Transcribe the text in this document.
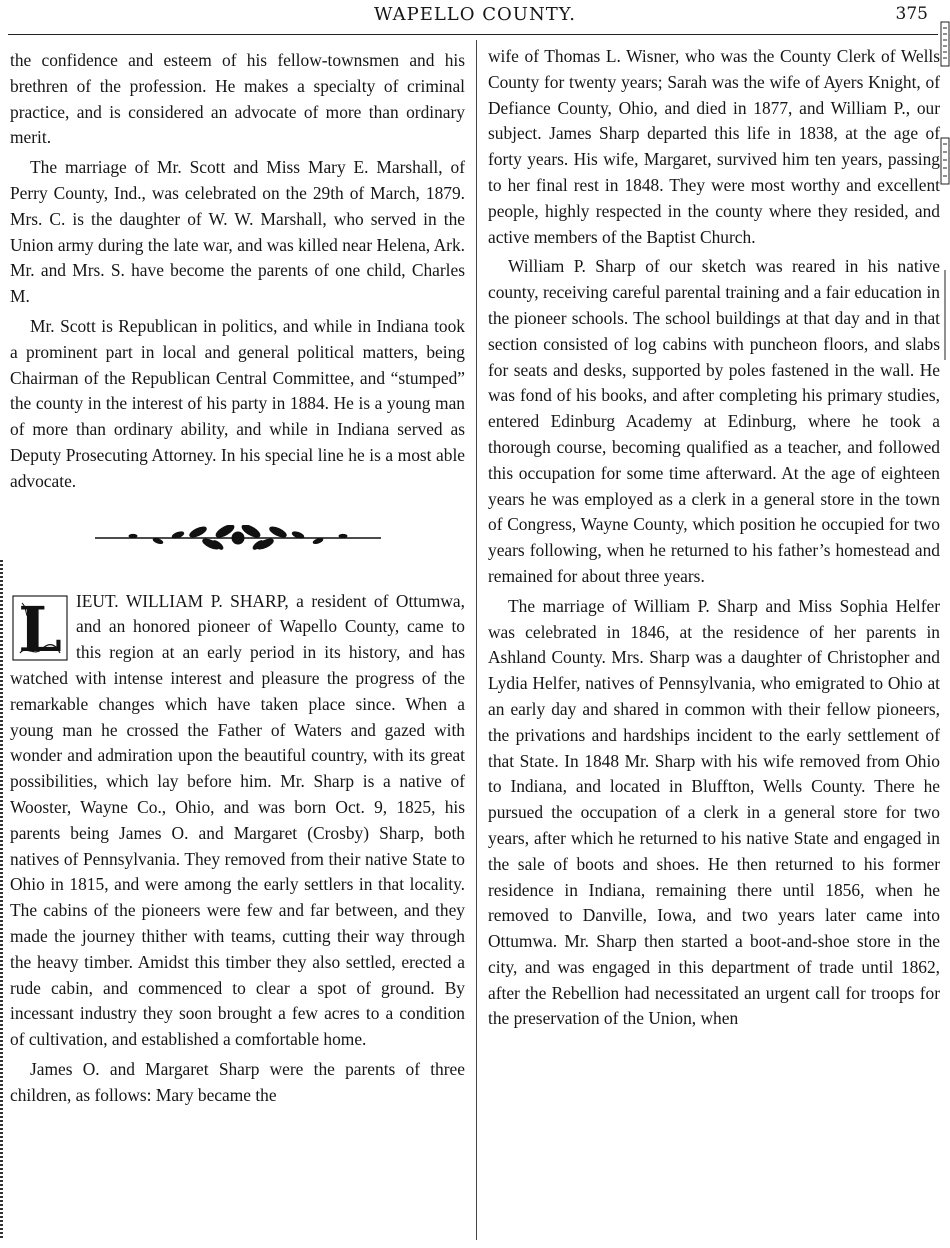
WAPELLO COUNTY.	375

the confidence and esteem of his fellow-townsmen and his brethren of the profession. He makes a specialty of criminal practice, and is considered an advocate of more than ordinary merit.

The marriage of Mr. Scott and Miss Mary E. Marshall, of Perry County, Ind., was celebrated on the 29th of March, 1879. Mrs. C. is the daughter of W. W. Marshall, who served in the Union army during the late war, and was killed near Helena, Ark. Mr. and Mrs. S. have become the parents of one child, Charles M.

Mr. Scott is Republican in politics, and while in Indiana took a prominent part in local and general political matters, being Chairman of the Republican Central Committee, and “stumped” the county in the interest of his party in 1884. He is a young man of more than ordinary ability, and while in Indiana served as Deputy Prosecuting Attorney. In his special line he is a most able advocate.

L IEUT. WILLIAM P. SHARP, a resident of Ottumwa, and an honored pioneer of Wapello County, came to this region at an early period in its history, and has watched with intense interest and pleasure the progress of the remarkable changes which have taken place since. When a young man he crossed the Father of Waters and gazed with wonder and admiration upon the beautiful country, with its great possibilities, which lay before him. Mr. Sharp is a native of Wooster, Wayne Co., Ohio, and was born Oct. 9, 1825, his parents being James O. and Margaret (Crosby) Sharp, both natives of Pennsylvania. They removed from their native State to Ohio in 1815, and were among the early settlers in that locality. The cabins of the pioneers were few and far between, and they made the journey thither with teams, cutting their way through the heavy timber. Amidst this timber they also settled, erected a rude cabin, and commenced to clear a spot of ground. By incessant industry they soon brought a few acres to a condition of cultivation, and established a comfortable home.

James O. and Margaret Sharp were the parents of three children, as follows: Mary became the

wife of Thomas L. Wisner, who was the County Clerk of Wells County for twenty years; Sarah was the wife of Ayers Knight, of Defiance County, Ohio, and died in 1877, and William P., our subject. James Sharp departed this life in 1838, at the age of forty years. His wife, Margaret, survived him ten years, passing to her final rest in 1848. They were most worthy and excellent people, highly respected in the county where they resided, and active members of the Baptist Church.

William P. Sharp of our sketch was reared in his native county, receiving careful parental training and a fair education in the pioneer schools. The school buildings at that day and in that section consisted of log cabins with puncheon floors, and slabs for seats and desks, supported by poles fastened in the wall. He was fond of his books, and after completing his primary studies, entered Edinburg Academy at Edinburg, where he took a thorough course, becoming qualified as a teacher, and followed this occupation for some time afterward. At the age of eighteen years he was employed as a clerk in a general store in the town of Congress, Wayne County, which position he occupied for two years following, when he returned to his father’s homestead and remained for about three years.

The marriage of William P. Sharp and Miss Sophia Helfer was celebrated in 1846, at the residence of her parents in Ashland County. Mrs. Sharp was a daughter of Christopher and Lydia Helfer, natives of Pennsylvania, who emigrated to Ohio at an early day and shared in common with their fellow pioneers, the privations and hardships incident to the early settlement of that State. In 1848 Mr. Sharp with his wife removed from Ohio to Indiana, and located in Bluffton, Wells County. There he pursued the occupation of a clerk in a general store for two years, after which he returned to his native State and engaged in the sale of boots and shoes. He then returned to his former residence in Indiana, remaining there until 1856, when he removed to Danville, Iowa, and two years later came into Ottumwa. Mr. Sharp then started a boot-and-shoe store in the city, and was engaged in this department of trade until 1862, after the Rebellion had necessitated an urgent call for troops for the preservation of the Union, when
